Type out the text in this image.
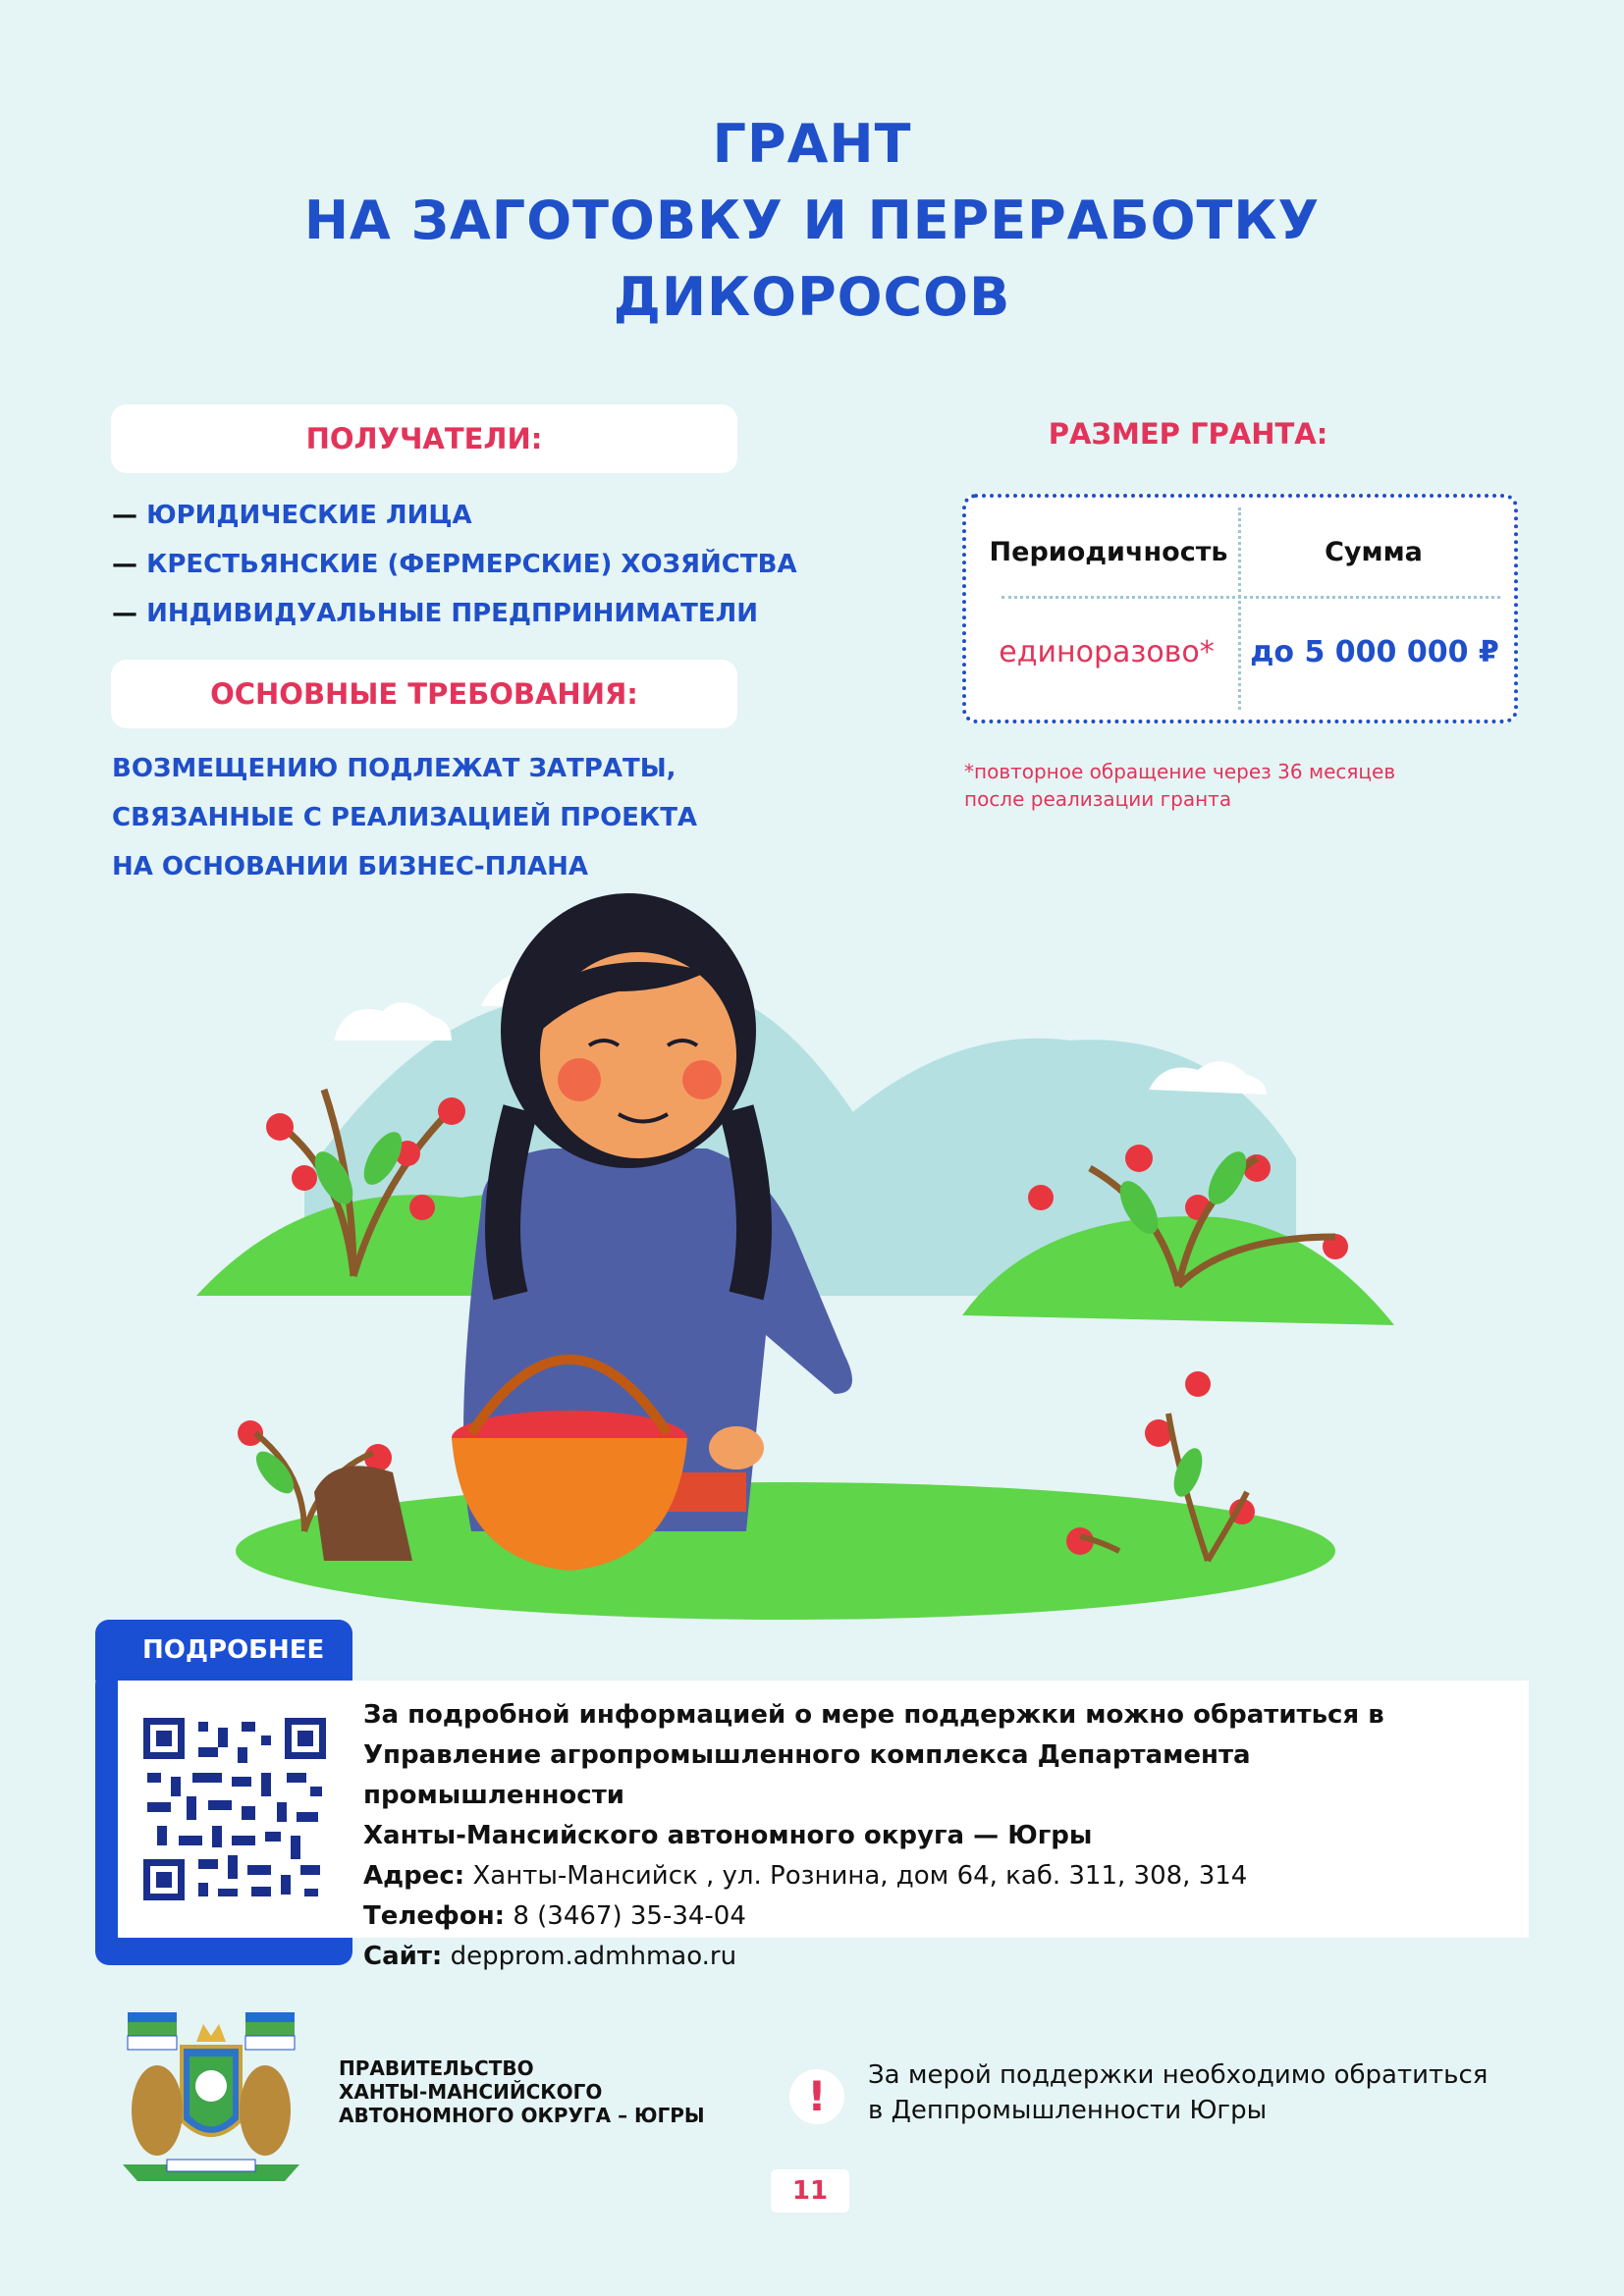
ГРАНТ
НА ЗАГОТОВКУ И ПЕРЕРАБОТКУ
ДИКОРОСОВ
ПОЛУЧАТЕЛИ:
— ЮРИДИЧЕСКИЕ ЛИЦА
— КРЕСТЬЯНСКИЕ (ФЕРМЕРСКИЕ) ХОЗЯЙСТВА
— ИНДИВИДУАЛЬНЫЕ ПРЕДПРИНИМАТЕЛИ
ОСНОВНЫЕ ТРЕБОВАНИЯ:
ВОЗМЕЩЕНИЮ ПОДЛЕЖАТ ЗАТРАТЫ,
СВЯЗАННЫЕ С РЕАЛИЗАЦИЕЙ ПРОЕКТА
НА ОСНОВАНИИ БИЗНЕС-ПЛАНА
РАЗМЕР ГРАНТА:
Периодичность	Сумма
единоразово*	до 5 000 000 ₽
*повторное обращение через 36 месяцев
после реализации гранта
ПОДРОБНЕЕ
За подробной информацией о мере поддержки можно обратиться в
Управление агропромышленного комплекса Департамента промышленности
Ханты-Мансийского автономного округа — Югры
Адрес: Ханты-Мансийск , ул. Рознина, дом 64, каб. 311, 308, 314
Телефон: 8 (3467) 35-34-04
Сайт: depprom.admhmao.ru
ПРАВИТЕЛЬСТВО
ХАНТЫ-МАНСИЙСКОГО
АВТОНОМНОГО ОКРУГА – ЮГРЫ	!	За мерой поддержки необходимо обратиться
в Деппромышленности Югры
11
